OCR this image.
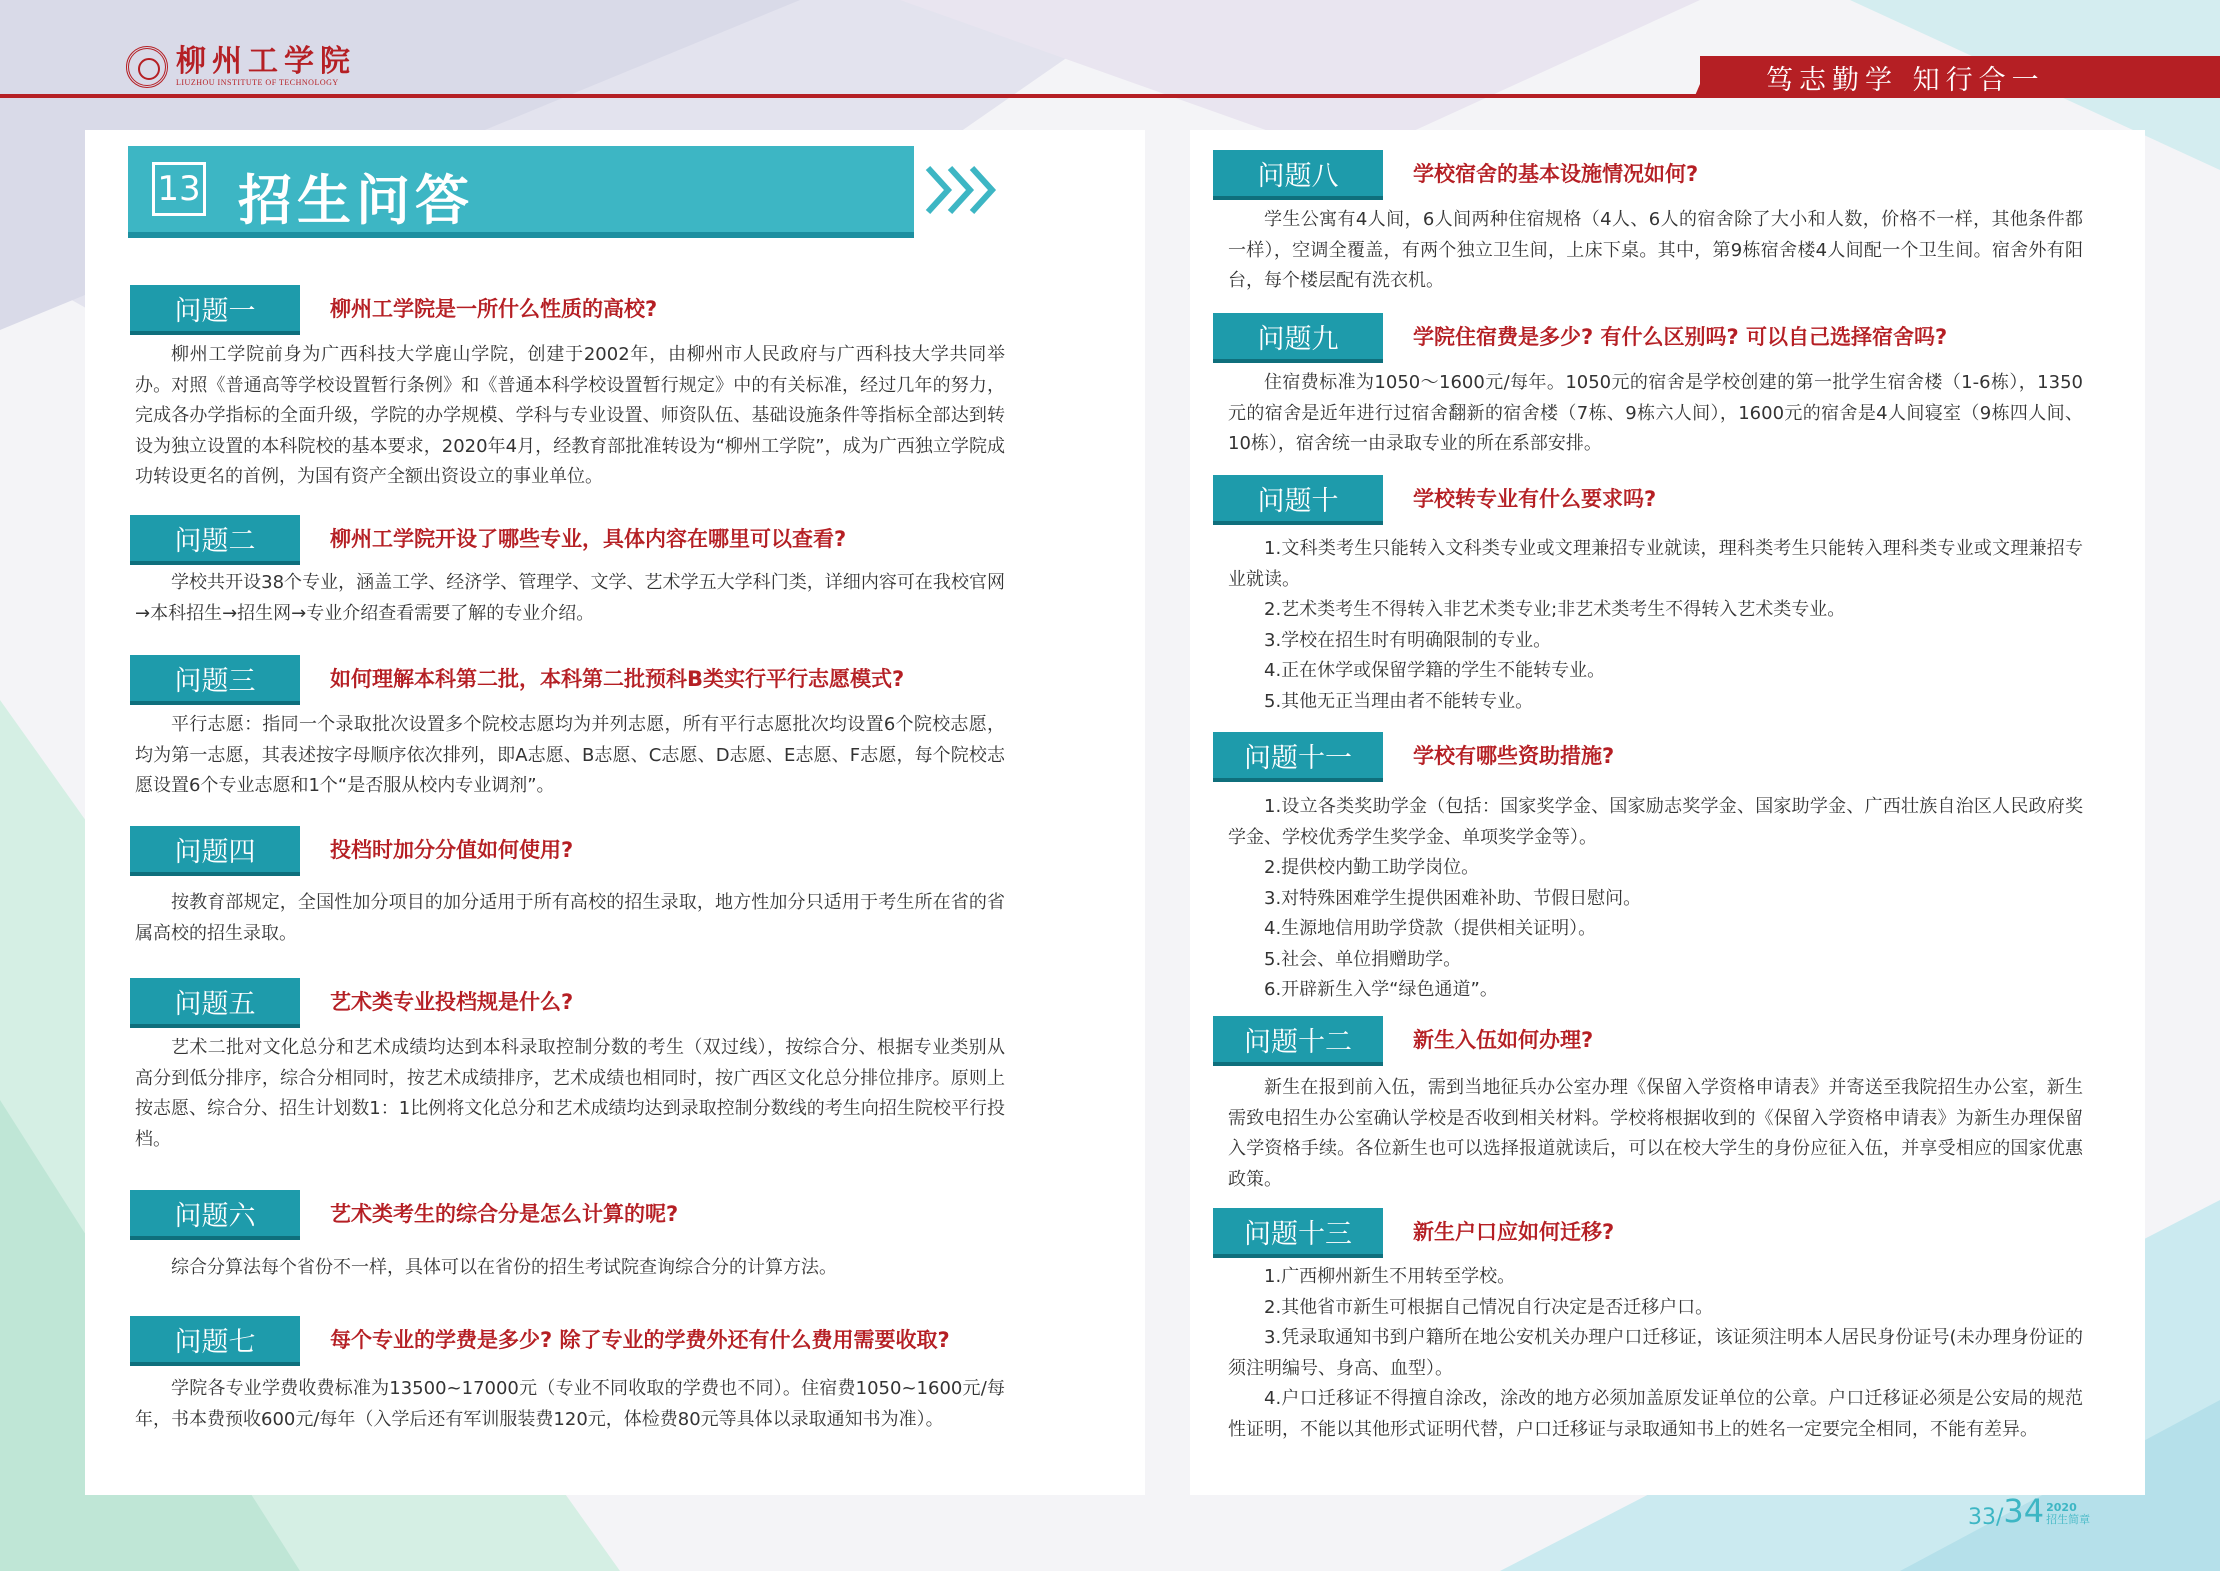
柳州工学院
LIUZHOU INSTITUTE OF TECHNOLOGY	笃志勤学 知行合一
13 招生问答
问题一	柳州工学院是一所什么性质的高校?

柳州工学院前身为广西科技大学鹿山学院，创建于2002年，由柳州市人民政府与广西科技大学共同举办。对照《普通高等学校设置暂行条例》和《普通本科学校设置暂行规定》中的有关标准，经过几年的努力，完成各办学指标的全面升级，学院的办学规模、学科与专业设置、师资队伍、基础设施条件等指标全部达到转设为独立设置的本科院校的基本要求，2020年4月，经教育部批准转设为“柳州工学院”，成为广西独立学院成功转设更名的首例，为国有资产全额出资设立的事业单位。

问题二	柳州工学院开设了哪些专业，具体内容在哪里可以查看?

学校共开设38个专业，涵盖工学、经济学、管理学、文学、艺术学五大学科门类，详细内容可在我校官网→本科招生→招生网→专业介绍查看需要了解的专业介绍。

问题三	如何理解本科第二批，本科第二批预科B类实行平行志愿模式?

平行志愿：指同一个录取批次设置多个院校志愿均为并列志愿，所有平行志愿批次均设置6个院校志愿，均为第一志愿，其表述按字母顺序依次排列，即A志愿、B志愿、C志愿、D志愿、E志愿、F志愿，每个院校志愿设置6个专业志愿和1个“是否服从校内专业调剂”。

问题四	投档时加分分值如何使用?

按教育部规定，全国性加分项目的加分适用于所有高校的招生录取，地方性加分只适用于考生所在省的省属高校的招生录取。

问题五	艺术类专业投档规是什么?

艺术二批对文化总分和艺术成绩均达到本科录取控制分数的考生（双过线），按综合分、根据专业类别从高分到低分排序，综合分相同时，按艺术成绩排序，艺术成绩也相同时，按广西区文化总分排位排序。原则上按志愿、综合分、招生计划数1：1比例将文化总分和艺术成绩均达到录取控制分数线的考生向招生院校平行投档。

问题六	艺术类考生的综合分是怎么计算的呢?

综合分算法每个省份不一样，具体可以在省份的招生考试院查询综合分的计算方法。

问题七	每个专业的学费是多少? 除了专业的学费外还有什么费用需要收取?

学院各专业学费收费标准为13500~17000元（专业不同收取的学费也不同）。住宿费1050~1600元/每年，书本费预收600元/每年（入学后还有军训服装费120元，体检费80元等具体以录取通知书为准）。

问题八	学校宿舍的基本设施情况如何?

学生公寓有4人间，6人间两种住宿规格（4人、6人的宿舍除了大小和人数，价格不一样，其他条件都一样），空调全覆盖，有两个独立卫生间，上床下桌。其中，第9栋宿舍楼4人间配一个卫生间。宿舍外有阳台，每个楼层配有洗衣机。

问题九	学院住宿费是多少? 有什么区别吗? 可以自己选择宿舍吗?

住宿费标准为1050～1600元/每年。1050元的宿舍是学校创建的第一批学生宿舍楼（1-6栋），1350元的宿舍是近年进行过宿舍翻新的宿舍楼（7栋、9栋六人间），1600元的宿舍是4人间寝室（9栋四人间、10栋），宿舍统一由录取专业的所在系部安排。

问题十	学校转专业有什么要求吗?

1.文科类考生只能转入文科类专业或文理兼招专业就读，理科类考生只能转入理科类专业或文理兼招专业就读。

2.艺术类考生不得转入非艺术类专业;非艺术类考生不得转入艺术类专业。

3.学校在招生时有明确限制的专业。

4.正在休学或保留学籍的学生不能转专业。

5.其他无正当理由者不能转专业。

问题十一	学校有哪些资助措施?

1.设立各类奖助学金（包括：国家奖学金、国家励志奖学金、国家助学金、广西壮族自治区人民政府奖学金、学校优秀学生奖学金、单项奖学金等）。

2.提供校内勤工助学岗位。

3.对特殊困难学生提供困难补助、节假日慰问。

4.生源地信用助学贷款（提供相关证明）。

5.社会、单位捐赠助学。

6.开辟新生入学“绿色通道”。

问题十二	新生入伍如何办理?

新生在报到前入伍，需到当地征兵办公室办理《保留入学资格申请表》并寄送至我院招生办公室，新生需致电招生办公室确认学校是否收到相关材料。学校将根据收到的《保留入学资格申请表》为新生办理保留入学资格手续。各位新生也可以选择报道就读后，可以在校大学生的身份应征入伍，并享受相应的国家优惠政策。

问题十三	新生户口应如何迁移?

1.广西柳州新生不用转至学校。

2.其他省市新生可根据自己情况自行决定是否迁移户口。

3.凭录取通知书到户籍所在地公安机关办理户口迁移证，该证须注明本人居民身份证号(未办理身份证的须注明编号、身高、血型）。

4.户口迁移证不得擅自涂改，涂改的地方必须加盖原发证单位的公章。户口迁移证必须是公安局的规范性证明，不能以其他形式证明代替，户口迁移证与录取通知书上的姓名一定要完全相同，不能有差异。

33/ 34 2020
招生简章
